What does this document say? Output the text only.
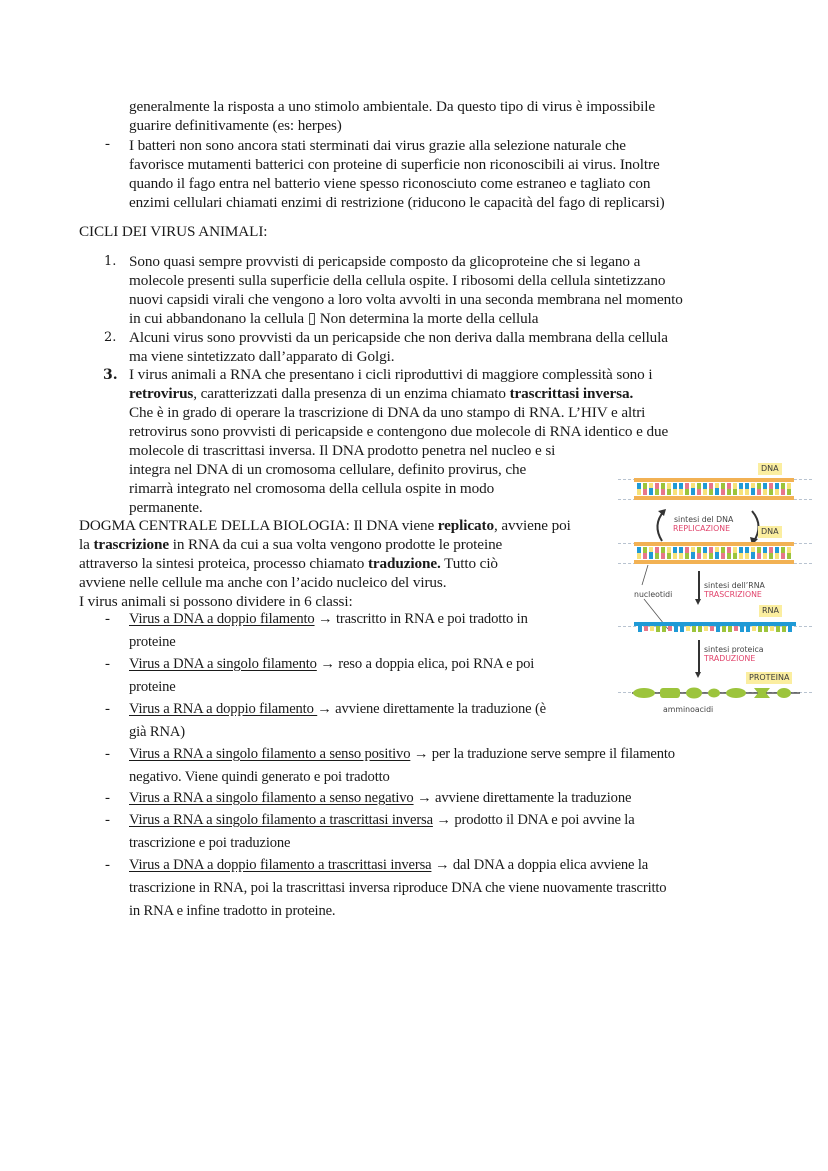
generalmente la risposta a uno stimolo ambientale. Da questo tipo di virus è impossibile
guarire definitivamente (es: herpes)
- I batteri non sono ancora stati sterminati dai virus grazie alla selezione naturale che
favorisce mutamenti batterici con proteine di superficie non riconoscibili ai virus. Inoltre
quando il fago entra nel batterio viene spesso riconosciuto come estraneo e tagliato con
enzimi cellulari chiamati enzimi di restrizione (riducono le capacità del fago di replicarsi)
CICLI DEI VIRUS ANIMALI:
1. Sono quasi sempre provvisti di pericapside composto da glicoproteine che si legano a
molecole presenti sulla superficie della cellula ospite. I ribosomi della cellula sintetizzano
nuovi capsidi virali che vengono a loro volta avvolti in una seconda membrana nel momento
in cui abbandonano la cellula ▯ Non determina la morte della cellula
2. Alcuni virus sono provvisti da un pericapside che non deriva dalla membrana della cellula
ma viene sintetizzato dall’apparato di Golgi.
3. I virus animali a RNA che presentano i cicli riproduttivi di maggiore complessità sono i
retrovirus, caratterizzati dalla presenza di un enzima chiamato trascrittasi inversa.
Che è in grado di operare la trascrizione di DNA da uno stampo di RNA. L’HIV e altri
retrovirus sono provvisti di pericapside e contengono due molecole di RNA identico e due
molecole di trascrittasi inversa. Il DNA prodotto penetra nel nucleo e si
integra nel DNA di un cromosoma cellulare, definito provirus, che
rimarrà integrato nel cromosoma della cellula ospite in modo
permanente.
DOGMA CENTRALE DELLA BIOLOGIA: Il DNA viene replicato, avviene poi
la trascrizione in RNA da cui a sua volta vengono prodotte le proteine
attraverso la sintesi proteica, processo chiamato traduzione. Tutto ciò
avviene nelle cellule ma anche con l’acido nucleico del virus.
I virus animali si possono dividere in 6 classi:
- Virus a DNA a doppio filamento → trascritto in RNA e poi tradotto in
proteine
- Virus a DNA a singolo filamento → reso a doppia elica, poi RNA e poi
proteine
- Virus a RNA a doppio filamento → avviene direttamente la traduzione (è
già RNA)
- Virus a RNA a singolo filamento a senso positivo → per la traduzione serve sempre il filamento
negativo. Viene quindi generato e poi tradotto
- Virus a RNA a singolo filamento a senso negativo → avviene direttamente la traduzione
- Virus a RNA a singolo filamento a trascrittasi inversa → prodotto il DNA e poi avvine la
trascrizione e poi traduzione
- Virus a DNA a doppio filamento a trascrittasi inversa → dal DNA a doppia elica avviene la
trascrizione in RNA, poi la trascrittasi inversa riproduce DNA che viene nuovamente trascritto
in RNA e infine tradotto in proteine.
DNA
sintesi del DNA
REPLICAZIONE	DNA
nucleotidi
sintesi dell’RNA
TRASCRIZIONE
RNA
sintesi proteica
TRADUZIONE
PROTEINA
amminoacidi
